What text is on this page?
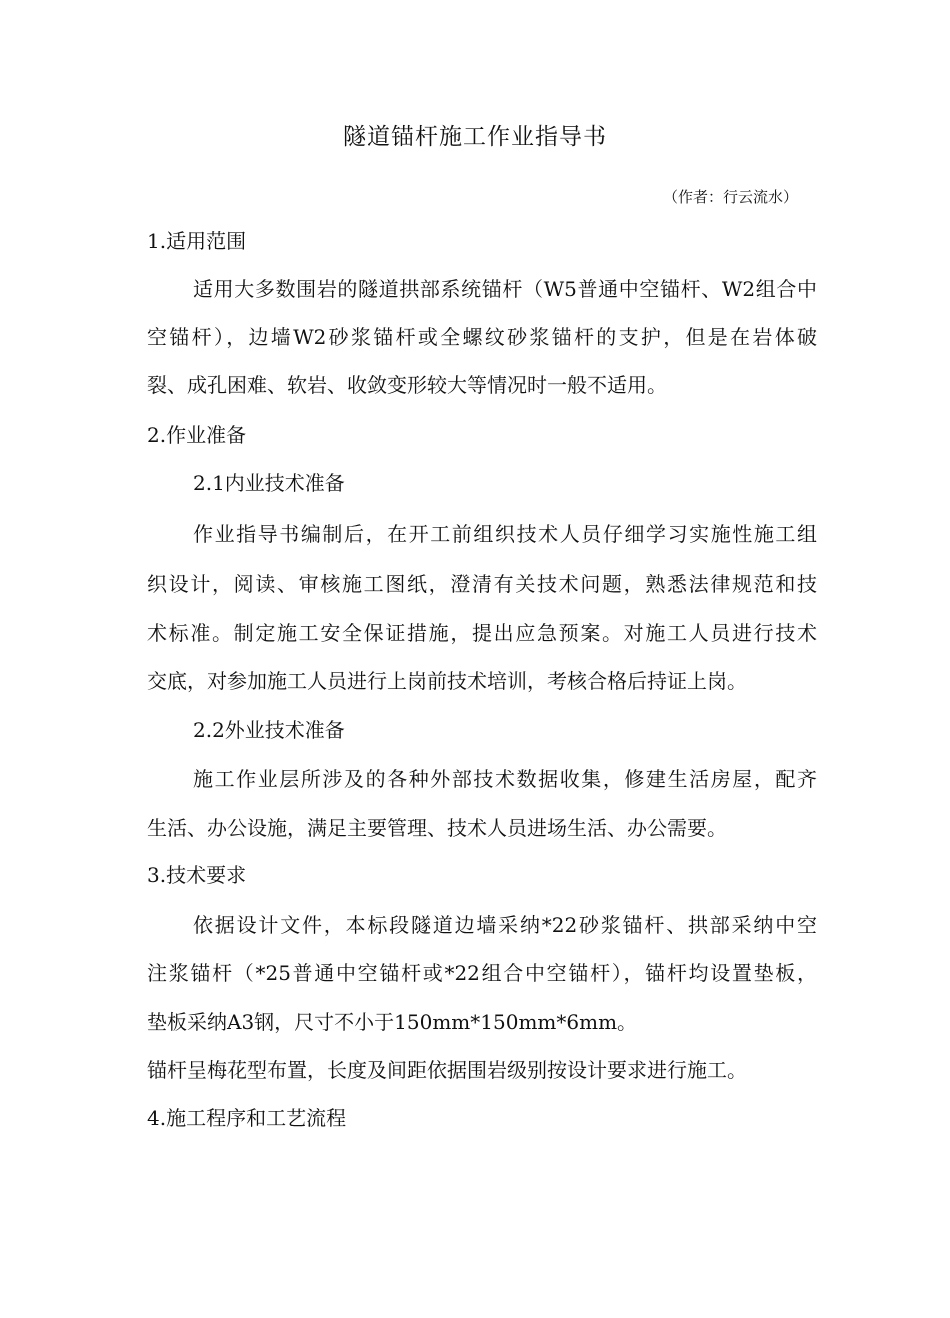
隧道锚杆施工作业指导书
（作者：行云流水）
1.适用范围
适用大多数围岩的隧道拱部系统锚杆（W5普通中空锚杆、W2组合中
空锚杆），边墙W2砂浆锚杆或全螺纹砂浆锚杆的支护，但是在岩体破
裂、成孔困难、软岩、收敛变形较大等情况时一般不适用。
2.作业准备
2.1内业技术准备
作业指导书编制后，在开工前组织技术人员仔细学习实施性施工组
织设计，阅读、审核施工图纸，澄清有关技术问题，熟悉法律规范和技
术标准。制定施工安全保证措施，提出应急预案。对施工人员进行技术
交底，对参加施工人员进行上岗前技术培训，考核合格后持证上岗。
2.2外业技术准备
施工作业层所涉及的各种外部技术数据收集，修建生活房屋，配齐
生活、办公设施，满足主要管理、技术人员进场生活、办公需要。
3.技术要求
依据设计文件，本标段隧道边墙采纳*22砂浆锚杆、拱部采纳中空
注浆锚杆（*25普通中空锚杆或*22组合中空锚杆），锚杆均设置垫板，
垫板采纳A3钢，尺寸不小于150mm*150mm*6mm。
锚杆呈梅花型布置，长度及间距依据围岩级别按设计要求进行施工。
4.施工程序和工艺流程
